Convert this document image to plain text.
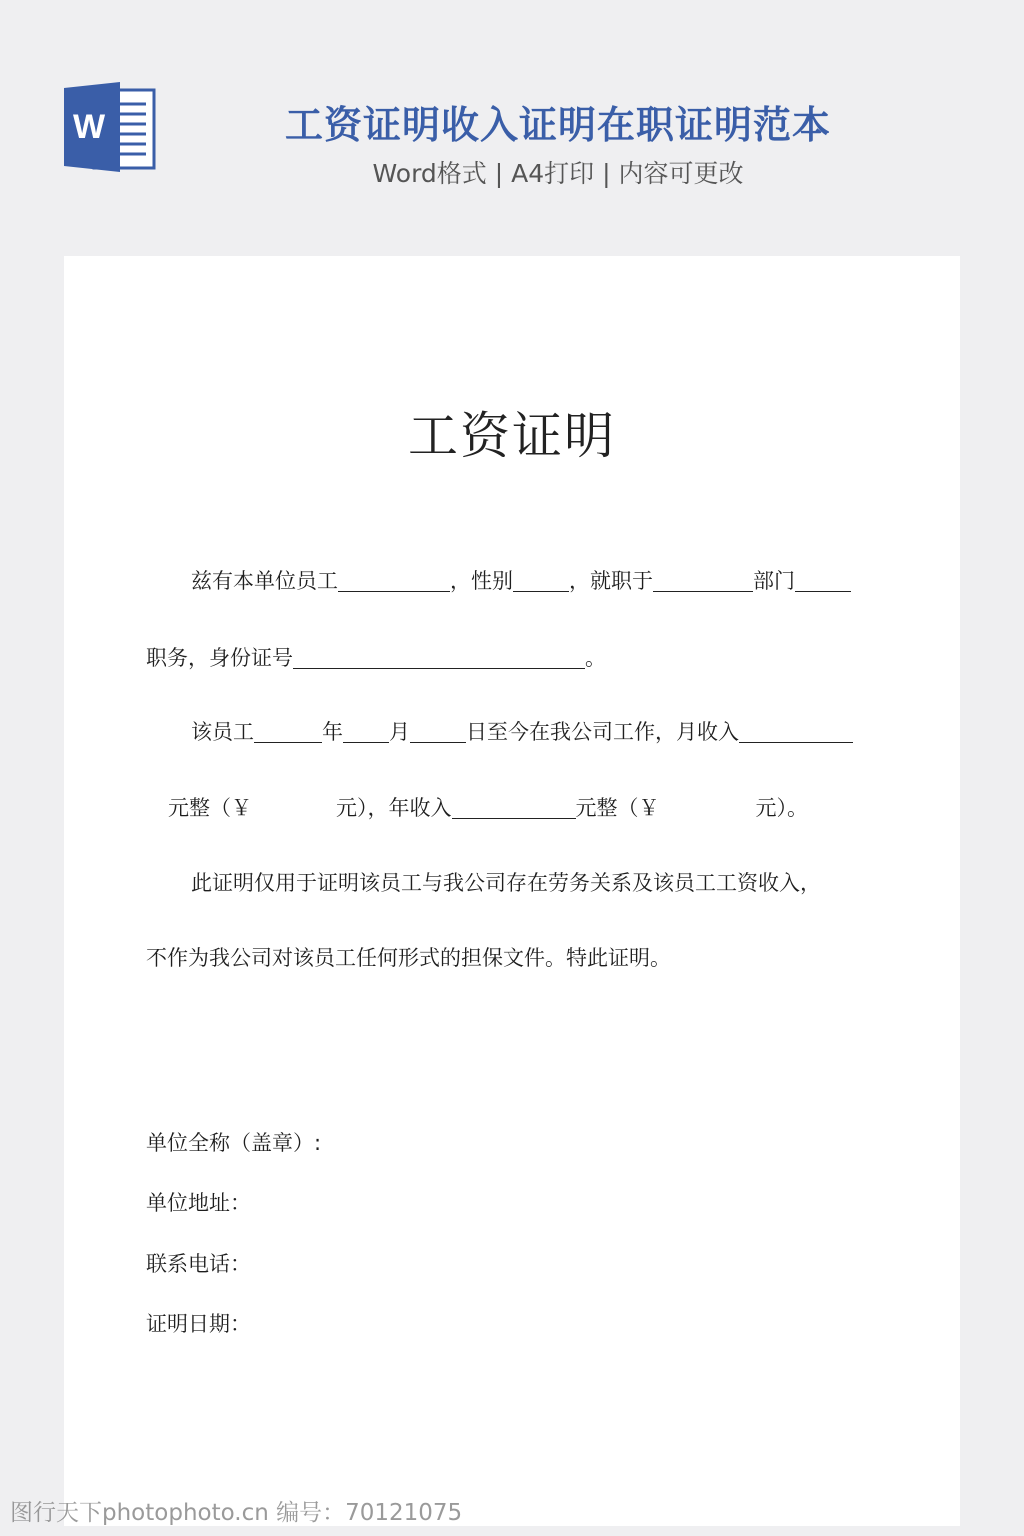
W	工资证明收入证明在职证明范本
Word格式 | A4打印 | 内容可更改
工资证明
兹有本单位员工	，性别	，就职于	部门
职务，身份证号	。
该员工	年 月	日至今在我公司工作，月收入
元整（￥	元），年收入	元整（￥	元）。
此证明仅用于证明该员工与我公司存在劳务关系及该员工工资收入，
不作为我公司对该员工任何形式的担保文件。特此证明。
单位全称（盖章）:
单位地址：
联系电话：
证明日期：
图行天下photophoto.cn 编号：70121075
